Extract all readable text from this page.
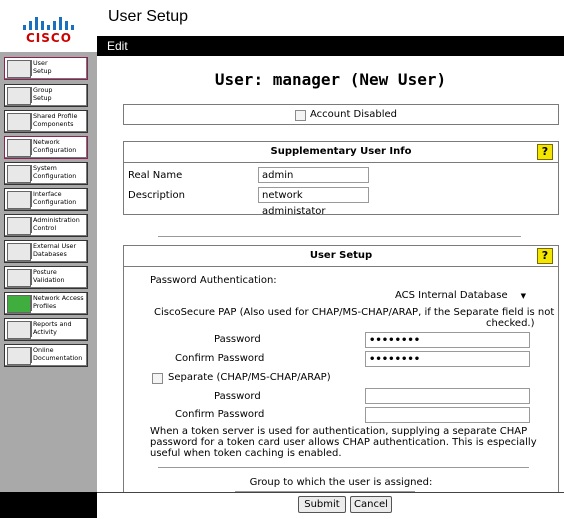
CISCO
User
Setup
Group
Setup
Shared Profile
Components
Network
Configuration
System
Configuration
Interface
Configuration
Administration
Control
External User
Databases
Posture
Validation
Network Access
Profiles
Reports and
Activity
Online
Documentation
User Setup
Edit
User: manager (New User)
Account Disabled
Supplementary User Info	?
Real Name	admin
Description	network administator
User Setup	?
Password Authentication:
ACS Internal Database ▼
CiscoSecure PAP (Also used for CHAP/MS-CHAP/ARAP, if the Separate field is not
checked.)
Password	••••••••
Confirm Password	••••••••
Separate (CHAP/MS-CHAP/ARAP)
Password
Confirm Password
When a token server is used for authentication, supplying a separate CHAP
password for a token card user allows CHAP authentication. This is especially
useful when token caching is enabled.
Group to which the user is assigned:
Submit	Cancel
